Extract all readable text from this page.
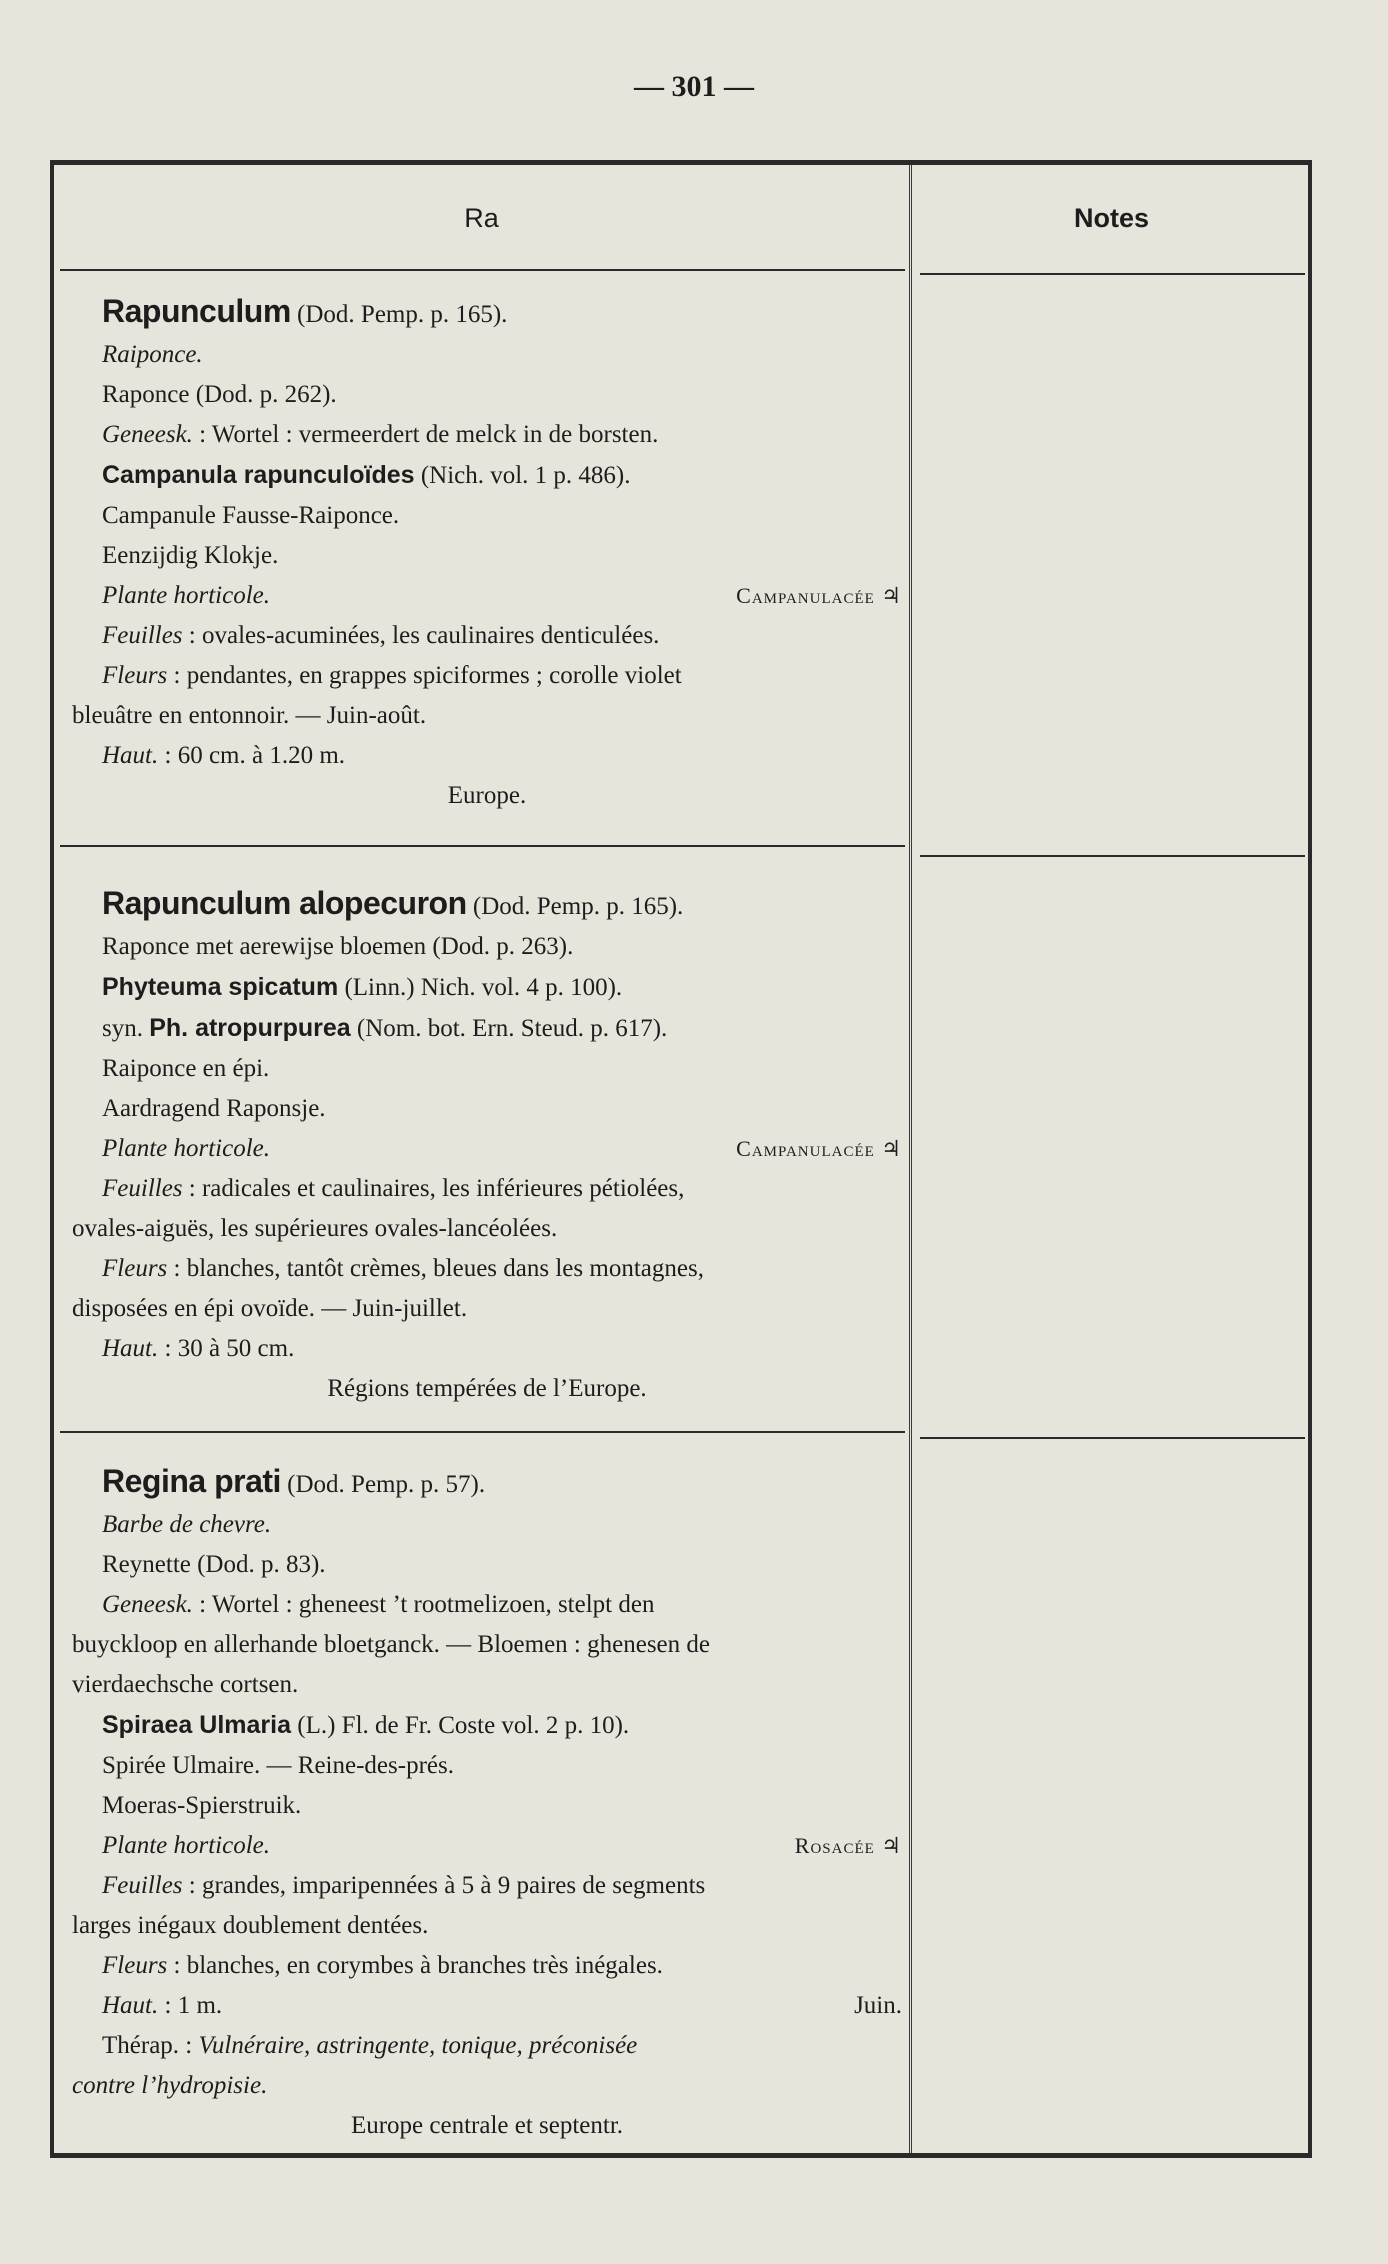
— 301 —
Ra	Notes
Rapunculum (Dod. Pemp. p. 165).
Raiponce.
Raponce (Dod. p. 262).
Geneesk. : Wortel : vermeerdert de melck in de borsten.
Campanula rapunculoïdes (Nich. vol. 1 p. 486).
Campanule Fausse-Raiponce.
Eenzijdig Klokje.
Plante horticole.	Campanulacée ♃
Feuilles : ovales-acuminées, les caulinaires denticulées.
Fleurs : pendantes, en grappes spiciformes ; corolle violet
bleuâtre en entonnoir. — Juin-août.
Haut. : 60 cm. à 1.20 m.
Europe.
Rapunculum alopecuron (Dod. Pemp. p. 165).
Raponce met aerewijse bloemen (Dod. p. 263).
Phyteuma spicatum (Linn.) Nich. vol. 4 p. 100).
syn. Ph. atropurpurea (Nom. bot. Ern. Steud. p. 617).
Raiponce en épi.
Aardragend Raponsje.
Plante horticole.	Campanulacée ♃
Feuilles : radicales et caulinaires, les inférieures pétiolées,
ovales-aiguës, les supérieures ovales-lancéolées.
Fleurs : blanches, tantôt crèmes, bleues dans les montagnes,
disposées en épi ovoïde. — Juin-juillet.
Haut. : 30 à 50 cm.
Régions tempérées de l’Europe.
Regina prati (Dod. Pemp. p. 57).
Barbe de chevre.
Reynette (Dod. p. 83).
Geneesk. : Wortel : gheneest ’t rootmelizoen, stelpt den
buyckloop en allerhande bloetganck. — Bloemen : ghenesen de
vierdaechsche cortsen.
Spiraea Ulmaria (L.) Fl. de Fr. Coste vol. 2 p. 10).
Spirée Ulmaire. — Reine-des-prés.
Moeras-Spierstruik.
Plante horticole.	Rosacée ♃
Feuilles : grandes, imparipennées à 5 à 9 paires de segments
larges inégaux doublement dentées.
Fleurs : blanches, en corymbes à branches très inégales.
Haut. : 1 m.	Juin.
Thérap. : Vulnéraire, astringente, tonique, préconisée
contre l’hydropisie.
Europe centrale et septentr.
